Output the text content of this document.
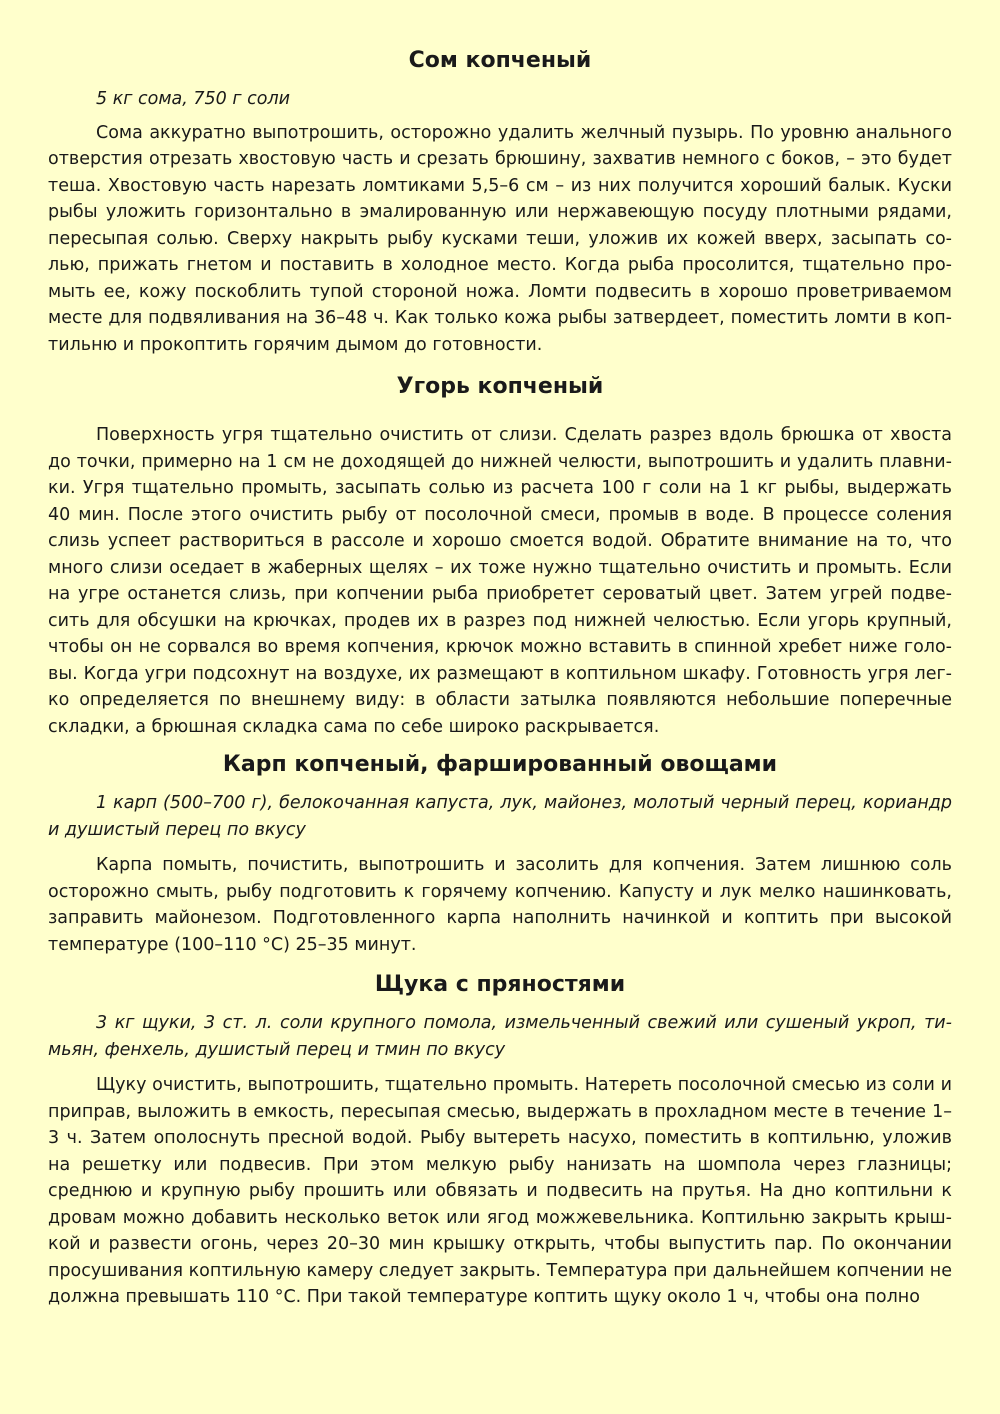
Сом копченый

5 кг сома, 750 г соли

Сома аккуратно выпотрошить, осторожно удалить желчный пузырь. По уровню анального отверстия отрезать хвостовую часть и срезать брюшину, захватив немного с боков, – это будет теша. Хвостовую часть нарезать ломтиками 5,5–6 см – из них получится хороший балык. Куски рыбы уложить горизонтально в эмалированную или нержавеющую посуду плотными рядами, пересыпая солью. Сверху накрыть рыбу кусками теши, уложив их кожей вверх, засыпать солью, прижать гнетом и поставить в холодное место. Когда рыба просолится, тщательно промыть ее, кожу поскоблить тупой стороной ножа. Ломти подвесить в хорошо проветриваемом месте для подвяливания на 36–48 ч. Как только кожа рыбы затвердеет, поместить ломти в коптильню и прокоптить горячим дымом до готовности.

Угорь копченый

Поверхность угря тщательно очистить от слизи. Сделать разрез вдоль брюшка от хвоста до точки, примерно на 1 см не доходящей до нижней челюсти, выпотрошить и удалить плавники. Угря тщательно промыть, засыпать солью из расчета 100 г соли на 1 кг рыбы, выдержать 40 мин. После этого очистить рыбу от посолочной смеси, промыв в воде. В процессе соления слизь успеет раствориться в рассоле и хорошо смоется водой. Обратите внимание на то, что много слизи оседает в жаберных щелях – их тоже нужно тщательно очистить и промыть. Если на угре останется слизь, при копчении рыба приобретет сероватый цвет. Затем угрей подвесить для обсушки на крючках, продев их в разрез под нижней челюстью. Если угорь крупный, чтобы он не сорвался во время копчения, крючок можно вставить в спинной хребет ниже головы. Когда угри подсохнут на воздухе, их размещают в коптильном шкафу. Готовность угря легко определяется по внешнему виду: в области затылка появляются небольшие поперечные складки, а брюшная складка сама по себе широко раскрывается.

Карп копченый, фаршированный овощами

1 карп (500–700 г), белокочанная капуста, лук, майонез, молотый черный перец, кориандр и душистый перец по вкусу

Карпа помыть, почистить, выпотрошить и засолить для копчения. Затем лишнюю соль осторожно смыть, рыбу подготовить к горячему копчению. Капусту и лук мелко нашинковать, заправить майонезом. Подготовленного карпа наполнить начинкой и коптить при высокой температуре (100–110 °С) 25–35 минут.

Щука с пряностями

3 кг щуки, 3 ст. л. соли крупного помола, измельченный свежий или сушеный укроп, тимьян, фенхель, душистый перец и тмин по вкусу

Щуку очистить, выпотрошить, тщательно промыть. Натереть посолочной смесью из соли и приправ, выложить в емкость, пересыпая смесью, выдержать в прохладном месте в течение 1–3 ч. Затем ополоснуть пресной водой. Рыбу вытереть насухо, поместить в коптильню, уложив на решетку или подвесив. При этом мелкую рыбу нанизать на шомпола через глазницы; среднюю и крупную рыбу прошить или обвязать и подвесить на прутья. На дно коптильни к дровам можно добавить несколько веток или ягод можжевельника. Коптильню закрыть крышкой и развести огонь, через 20–30 мин крышку открыть, чтобы выпустить пар. По окончании просушивания коптильную камеру следует закрыть. Температура при дальнейшем копчении не должна превышать 110 °С. При такой температуре коптить щуку около 1 ч, чтобы она полно
